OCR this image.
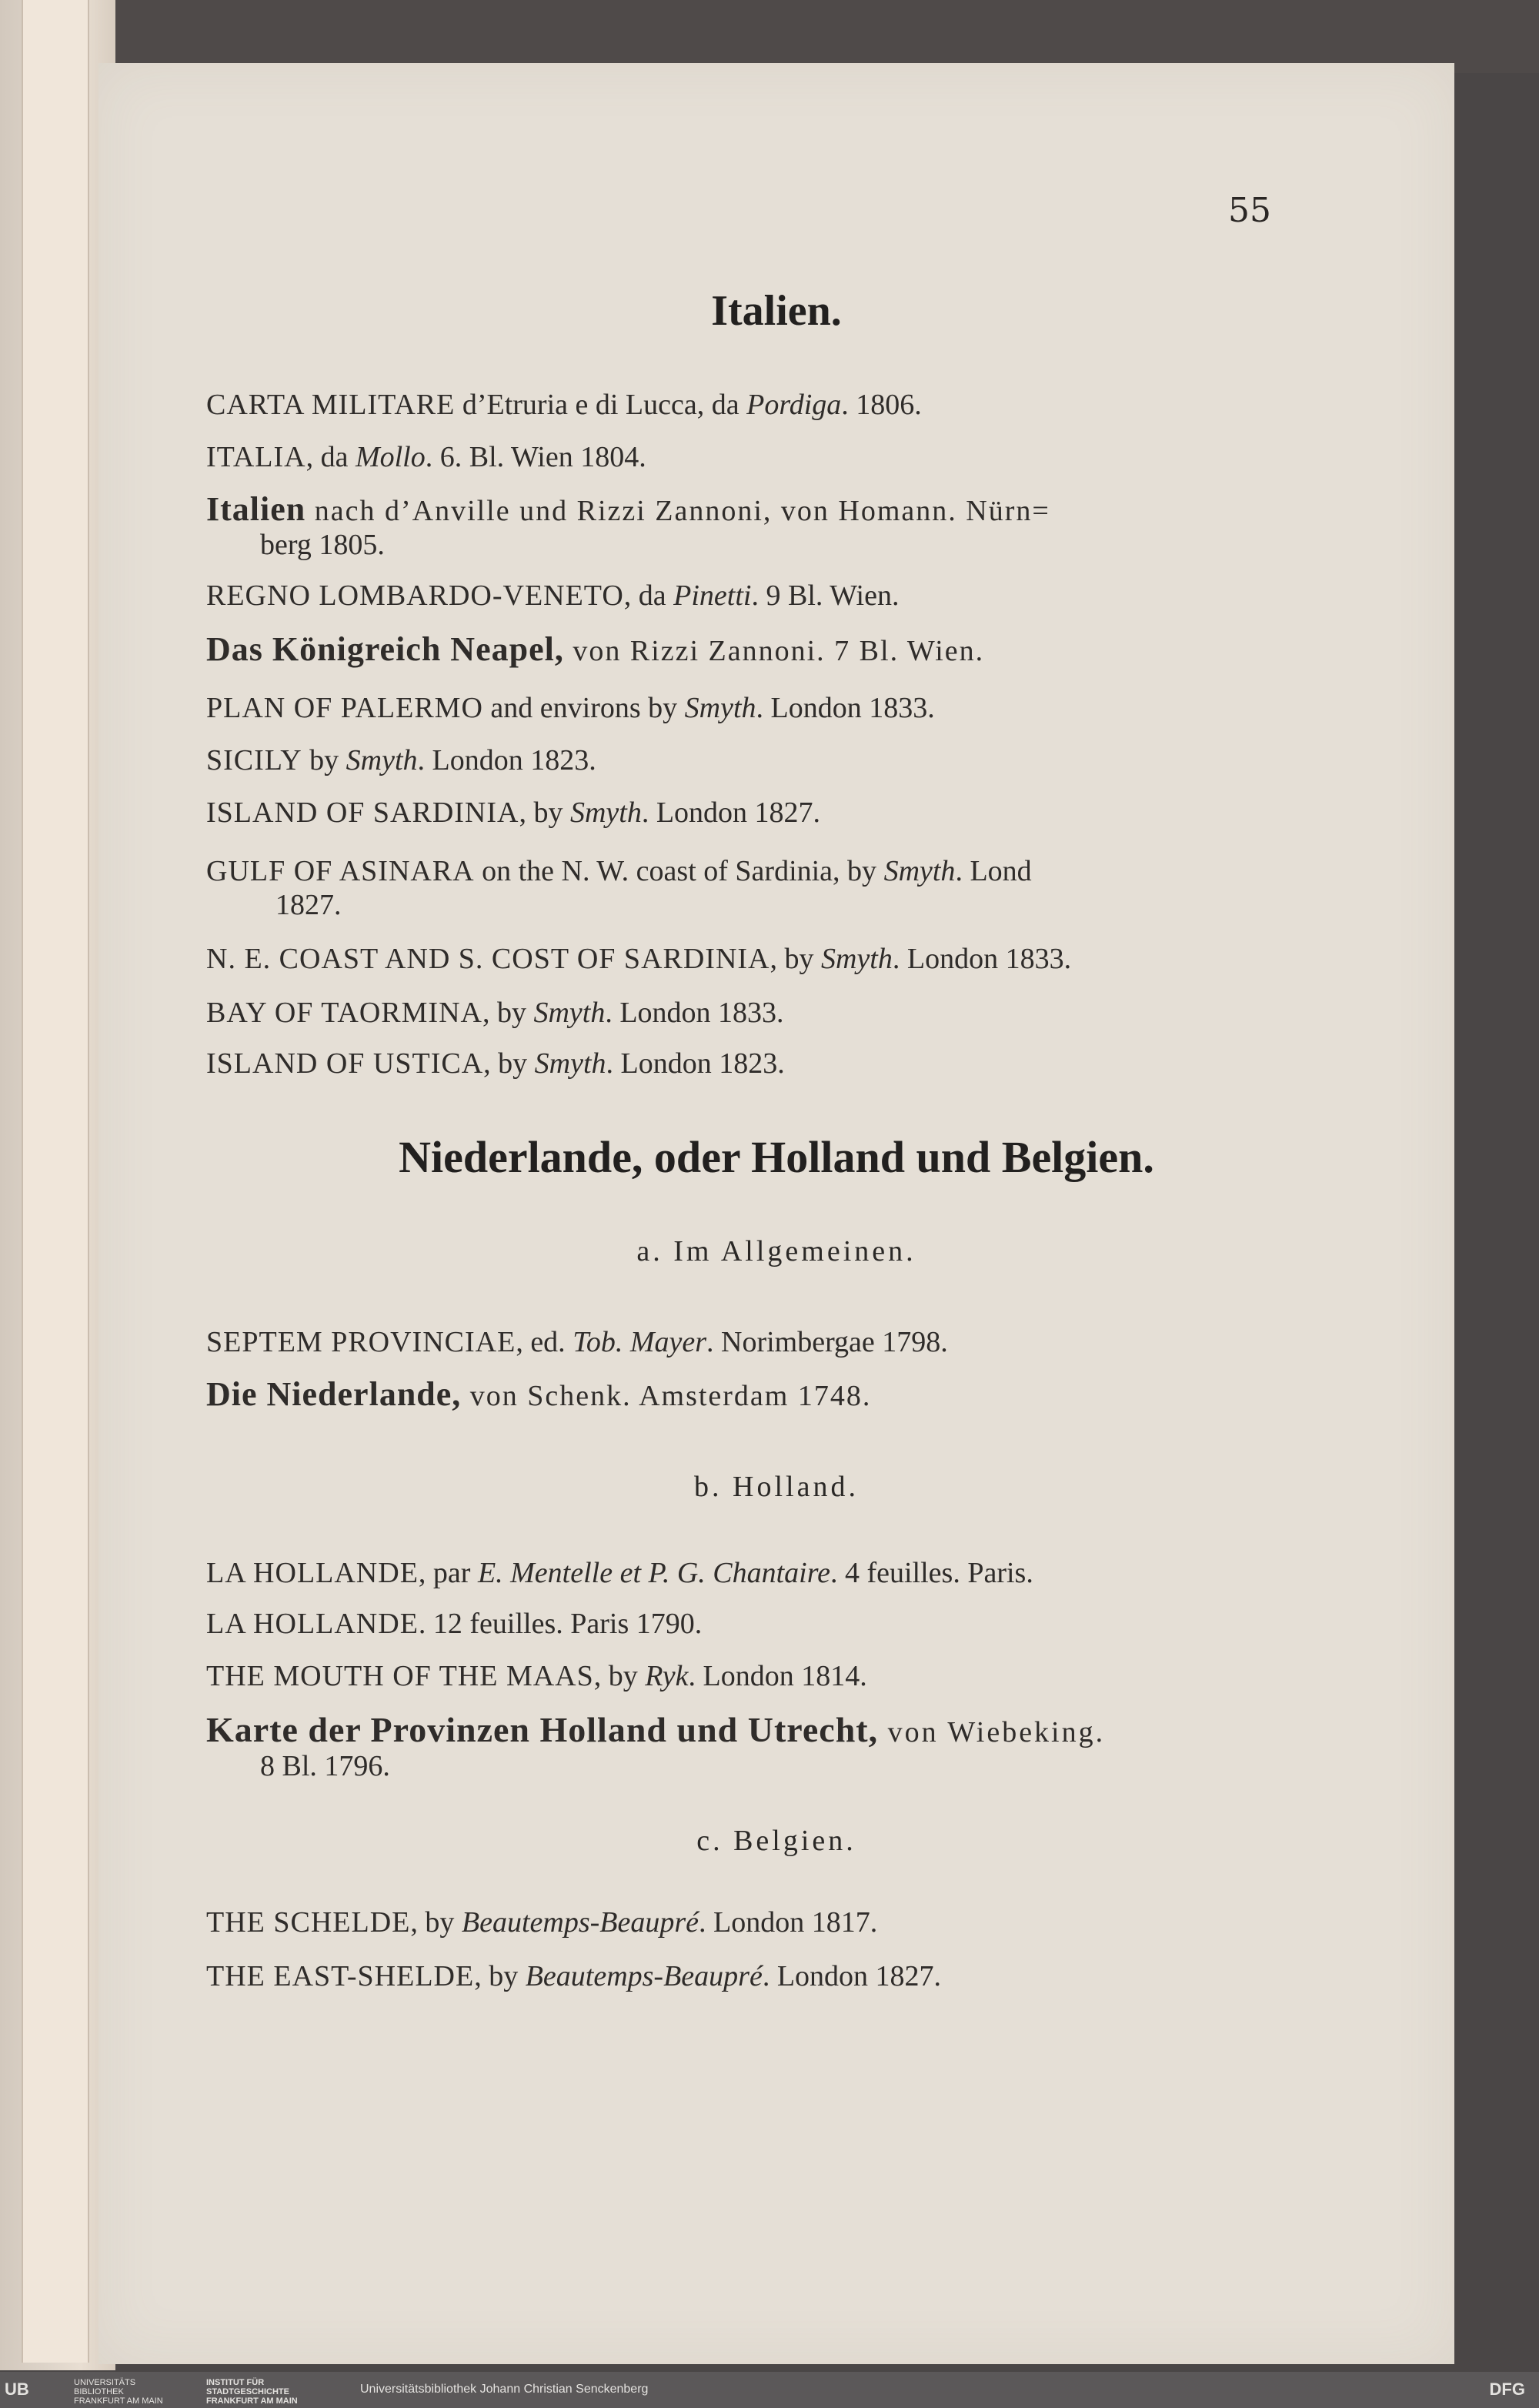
55
Italien.
CARTA MILITARE d’Etruria e di Lucca, da Pordiga. 1806.
ITALIA, da Mollo. 6. Bl. Wien 1804.
Italien nach d’Anville und Rizzi Zannoni, von Homann. Nürn=
berg 1805.
REGNO LOMBARDO-VENETO, da Pinetti. 9 Bl. Wien.
Das Königreich Neapel, von Rizzi Zannoni. 7 Bl. Wien.
PLAN OF PALERMO and environs by Smyth. London 1833.
SICILY by Smyth. London 1823.
ISLAND OF SARDINIA, by Smyth. London 1827.
GULF OF ASINARA on the N. W. coast of Sardinia, by Smyth. Lond
1827.
N. E. COAST AND S. COST OF SARDINIA, by Smyth. London 1833.
BAY OF TAORMINA, by Smyth. London 1833.
ISLAND OF USTICA, by Smyth. London 1823.
Niederlande, oder Holland und Belgien.
a. Im Allgemeinen.
SEPTEM PROVINCIAE, ed. Tob. Mayer. Norimbergae 1798.
Die Niederlande, von Schenk. Amsterdam 1748.
b. Holland.
LA HOLLANDE, par E. Mentelle et P. G. Chantaire. 4 feuilles. Paris.
LA HOLLANDE. 12 feuilles. Paris 1790.
THE MOUTH OF THE MAAS, by Ryk. London 1814.
Karte der Provinzen Holland und Utrecht, von Wiebeking.
8 Bl. 1796.
c. Belgien.
THE SCHELDE, by Beautemps-Beaupré. London 1817.
THE EAST-SHELDE, by Beautemps-Beaupré. London 1827.
UB	UNIVERSITÄTS
BIBLIOTHEK
FRANKFURT AM MAIN
INSTITUT FÜR
STADTGESCHICHTE
FRANKFURT AM MAIN
Universitätsbibliothek Johann Christian Senckenberg	DFG
